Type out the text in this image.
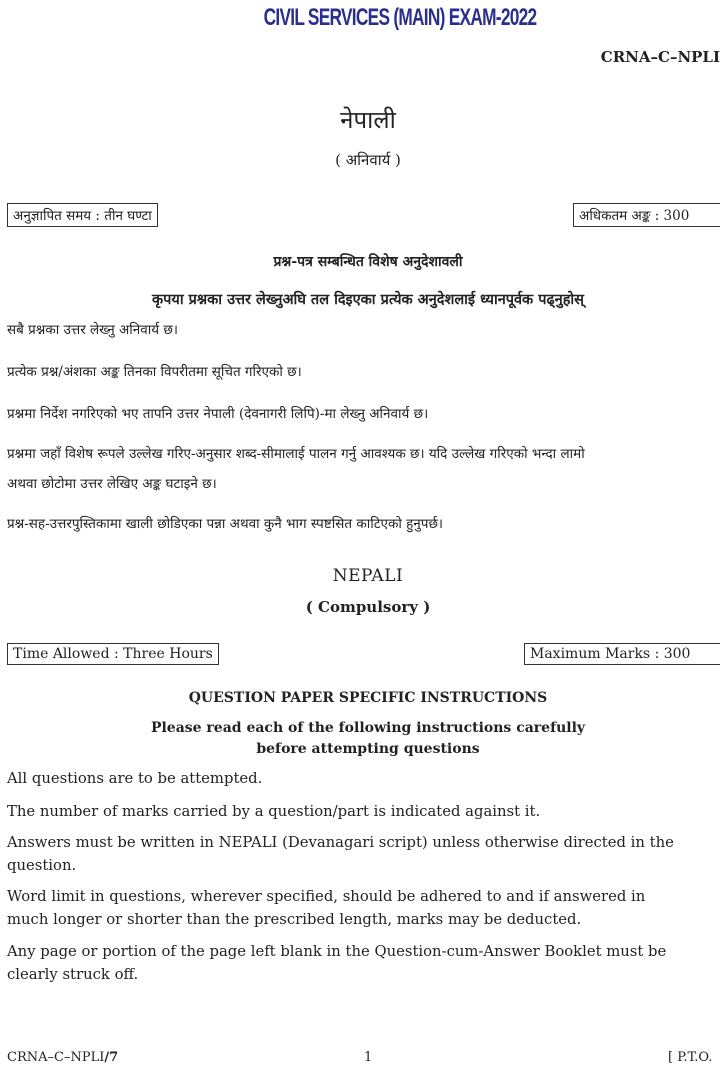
CIVIL SERVICES (MAIN) EXAM-2022
CRNA–C–NPLI
नेपाली
( अनिवार्य )
अनुज्ञापित समय : तीन घण्टा	अधिकतम अङ्क : 300
प्रश्न-पत्र सम्बन्धित विशेष अनुदेशावली
कृपया प्रश्नका उत्तर लेख्नुअघि तल दिइएका प्रत्येक अनुदेशलाई ध्यानपूर्वक पढ्नुहोस्
सबै प्रश्नका उत्तर लेख्नु अनिवार्य छ।
प्रत्येक प्रश्न/अंशका अङ्क तिनका विपरीतमा सूचित गरिएको छ।
प्रश्नमा निर्देश नगरिएको भए तापनि उत्तर नेपाली (देवनागरी लिपि)-मा लेख्नु अनिवार्य छ।
प्रश्नमा जहाँ विशेष रूपले उल्लेख गरिए-अनुसार शब्द-सीमालाई पालन गर्नु आवश्यक छ। यदि उल्लेख गरिएको भन्दा लामो
अथवा छोटोमा उत्तर लेखिए अङ्क घटाइने छ।
प्रश्न-सह-उत्तरपुस्तिकामा खाली छोडिएका पन्ना अथवा कुनै भाग स्पष्टसित काटिएको हुनुपर्छ।
NEPALI
( Compulsory )
Time Allowed : Three Hours	Maximum Marks : 300
QUESTION PAPER SPECIFIC INSTRUCTIONS
Please read each of the following instructions carefully
before attempting questions
All questions are to be attempted.
The number of marks carried by a question/part is indicated against it.
Answers must be written in NEPALI (Devanagari script) unless otherwise directed in the
question.
Word limit in questions, wherever specified, should be adhered to and if answered in
much longer or shorter than the prescribed length, marks may be deducted.
Any page or portion of the page left blank in the Question-cum-Answer Booklet must be
clearly struck off.
CRNA–C–NPLI/7	1	[ P.T.O.
